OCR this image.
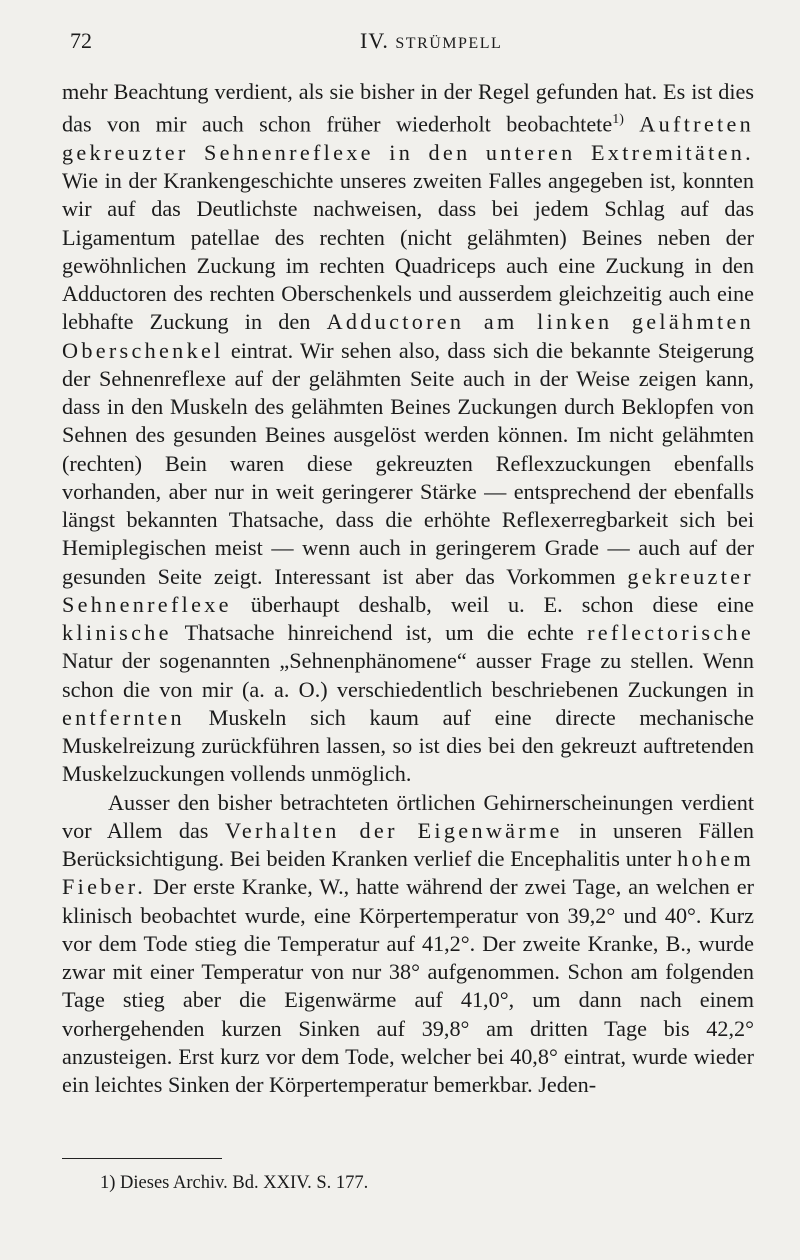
72	IV. STRÜMPELL

mehr Beachtung verdient, als sie bisher in der Regel gefunden hat. Es ist dies das von mir auch schon früher wiederholt beobachtete$^{1)}$ Auftreten gekreuzter Sehnenreflexe in den unteren Extremitäten. Wie in der Krankengeschichte unseres zweiten Falles angegeben ist, konnten wir auf das Deutlichste nachweisen, dass bei jedem Schlag auf das Ligamentum patellae des rechten (nicht gelähmten) Beines neben der gewöhnlichen Zuckung im rechten Quadriceps auch eine Zuckung in den Adductoren des rechten Oberschenkels und ausserdem gleichzeitig auch eine lebhafte Zuckung in den Adductoren am linken gelähmten Oberschenkel eintrat. Wir sehen also, dass sich die bekannte Steigerung der Sehnenreflexe auf der gelähmten Seite auch in der Weise zeigen kann, dass in den Muskeln des gelähmten Beines Zuckungen durch Beklopfen von Sehnen des gesunden Beines ausgelöst werden können. Im nicht gelähmten (rechten) Bein waren diese gekreuzten Reflexzuckungen ebenfalls vorhanden, aber nur in weit geringerer Stärke — entsprechend der ebenfalls längst bekannten Thatsache, dass die erhöhte Reflexerregbarkeit sich bei Hemiplegischen meist — wenn auch in geringerem Grade — auch auf der gesunden Seite zeigt. Interessant ist aber das Vorkommen gekreuzter Sehnenreflexe überhaupt deshalb, weil u. E. schon diese eine klinische Thatsache hinreichend ist, um die echte reflectorische Natur der sogenannten „Sehnenphänomene“ ausser Frage zu stellen. Wenn schon die von mir (a. a. O.) verschiedentlich beschriebenen Zuckungen in entfernten Muskeln sich kaum auf eine directe mechanische Muskelreizung zurückführen lassen, so ist dies bei den gekreuzt auftretenden Muskelzuckungen vollends unmöglich.

Ausser den bisher betrachteten örtlichen Gehirnerscheinungen verdient vor Allem das Verhalten der Eigenwärme in unseren Fällen Berücksichtigung. Bei beiden Kranken verlief die Encephalitis unter hohem Fieber. Der erste Kranke, W., hatte während der zwei Tage, an welchen er klinisch beobachtet wurde, eine Körpertemperatur von 39,2° und 40°. Kurz vor dem Tode stieg die Temperatur auf 41,2°. Der zweite Kranke, B., wurde zwar mit einer Temperatur von nur 38° aufgenommen. Schon am folgenden Tage stieg aber die Eigenwärme auf 41,0°, um dann nach einem vorhergehenden kurzen Sinken auf 39,8° am dritten Tage bis 42,2° anzusteigen. Erst kurz vor dem Tode, welcher bei 40,8° eintrat, wurde wieder ein leichtes Sinken der Körpertemperatur bemerkbar. Jeden-

1) Dieses Archiv. Bd. XXIV. S. 177.
